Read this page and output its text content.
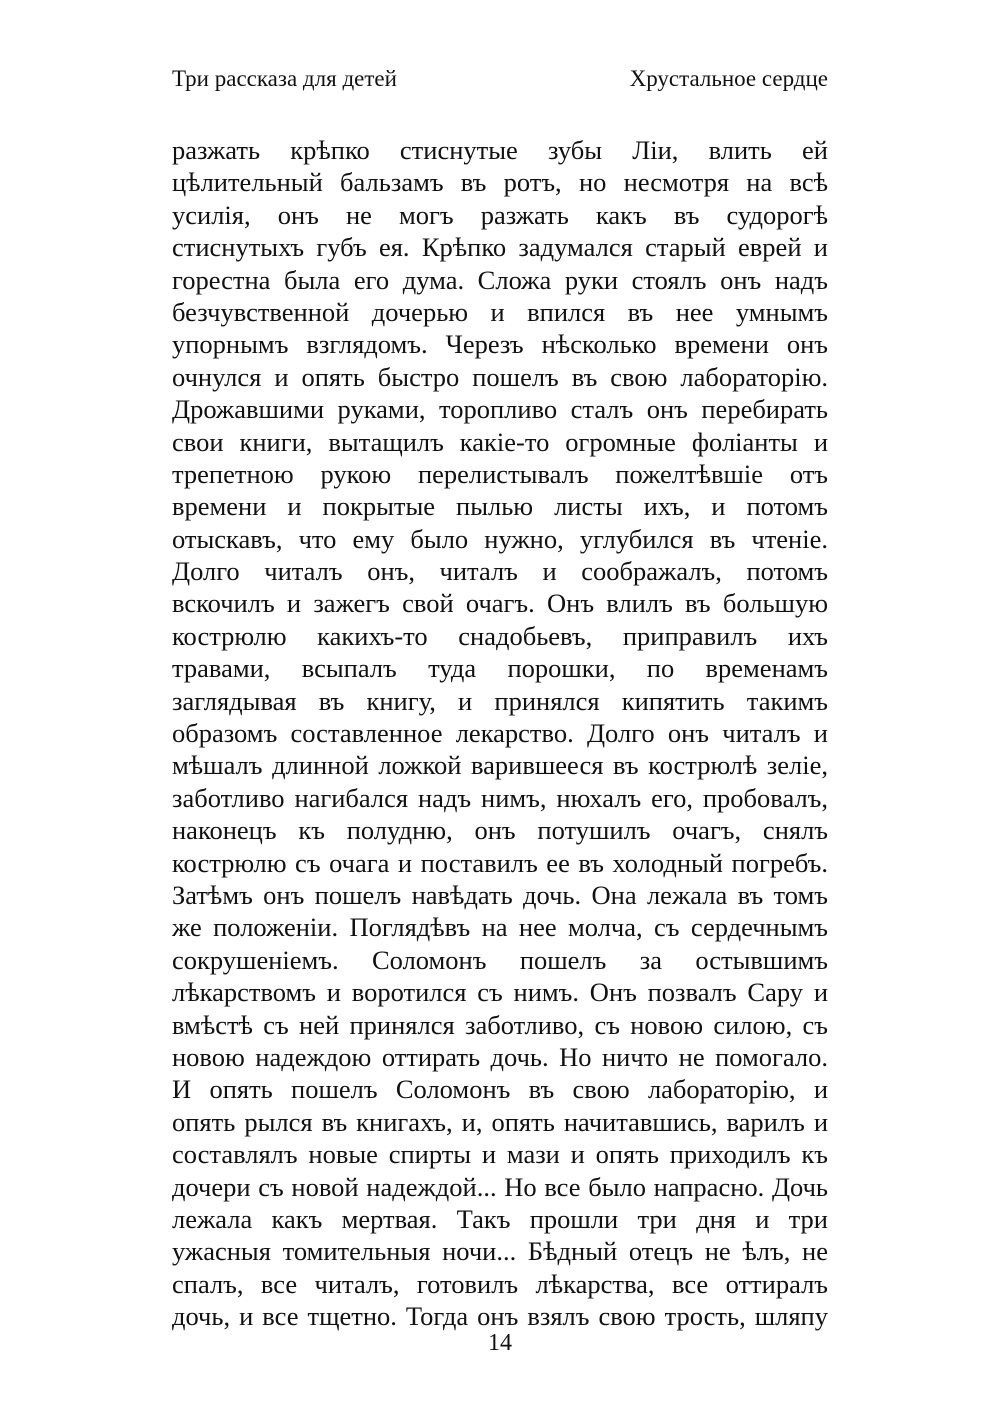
Три рассказа для детей	Хрустальное сердце
разжать крѣпко стиснутые зубы Ліи, влить ей
цѣлительный бальзамъ въ ротъ, но несмотря на всѣ
усилія, онъ не могъ разжать какъ въ судорогѣ
стиснутыхъ губъ ея. Крѣпко задумался старый еврей и
горестна была его дума. Сложа руки стоялъ онъ надъ
безчувственной дочерью и впился въ нее умнымъ
упорнымъ взглядомъ. Черезъ нѣсколько времени онъ
очнулся и опять быстро пошелъ въ свою лабораторію.
Дрожавшими руками, торопливо сталъ онъ перебирать
свои книги, вытащилъ какіе-то огромные фоліанты и
трепетною рукою перелистывалъ пожелтѣвшіе отъ
времени и покрытые пылью листы ихъ, и потомъ
отыскавъ, что ему было нужно, углубился въ чтеніе.
Долго читалъ онъ, читалъ и соображалъ, потомъ
вскочилъ и зажегъ свой очагъ. Онъ влилъ въ большую
кострюлю какихъ-то снадобьевъ, приправилъ ихъ
травами, всыпалъ туда порошки, по временамъ
заглядывая въ книгу, и принялся кипятить такимъ
образомъ составленное лекарство. Долго онъ читалъ и
мѣшалъ длинной ложкой варившееся въ кострюлѣ зеліе,
заботливо нагибался надъ нимъ, нюхалъ его, пробовалъ,
наконецъ къ полудню, онъ потушилъ очагъ, снялъ
кострюлю съ очага и поставилъ ее въ холодный погребъ.
Затѣмъ онъ пошелъ навѣдать дочь. Она лежала въ томъ
же положеніи. Поглядѣвъ на нее молча, съ сердечнымъ
сокрушеніемъ. Соломонъ пошелъ за остывшимъ
лѣкарствомъ и воротился съ нимъ. Онъ позвалъ Сару и
вмѣстѣ съ ней принялся заботливо, съ новою силою, съ
новою надеждою оттирать дочь. Но ничто не помогало.
И опять пошелъ Соломонъ въ свою лабораторію, и
опять рылся въ книгахъ, и, опять начитавшись, варилъ и
составлялъ новые спирты и мази и опять приходилъ къ
дочери съ новой надеждой... Но все было напрасно. Дочь
лежала какъ мертвая. Такъ прошли три дня и три
ужасныя томительныя ночи... Бѣдный отецъ не ѣлъ, не
спалъ, все читалъ, готовилъ лѣкарства, все оттиралъ
дочь, и все тщетно. Тогда онъ взялъ свою трость, шляпу
14
